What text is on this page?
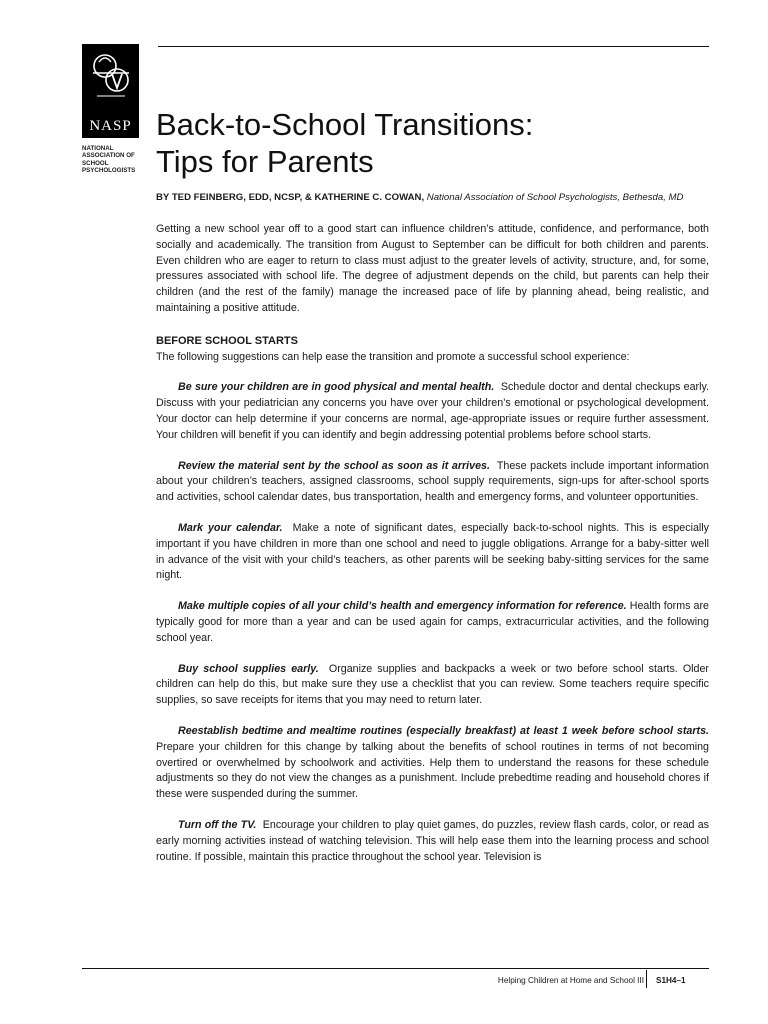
NASP
NATIONAL
ASSOCIATION OF
SCHOOL
PSYCHOLOGISTS
Back-to-School Transitions:
Tips for Parents
BY TED FEINBERG, EDD, NCSP, & KATHERINE C. COWAN, National Association of School Psychologists, Bethesda, MD

Getting a new school year off to a good start can influence children’s attitude, confidence, and performance, both socially and academically. The transition from August to September can be difficult for both children and parents. Even children who are eager to return to class must adjust to the greater levels of activity, structure, and, for some, pressures associated with school life. The degree of adjustment depends on the child, but parents can help their children (and the rest of the family) manage the increased pace of life by planning ahead, being realistic, and maintaining a positive attitude.

BEFORE SCHOOL STARTS

The following suggestions can help ease the transition and promote a successful school experience:

Be sure your children are in good physical and mental health. Schedule doctor and dental checkups early. Discuss with your pediatrician any concerns you have over your children’s emotional or psychological development. Your doctor can help determine if your concerns are normal, age-appropriate issues or require further assessment. Your children will benefit if you can identify and begin addressing potential problems before school starts.

Review the material sent by the school as soon as it arrives. These packets include important information about your children’s teachers, assigned classrooms, school supply requirements, sign-ups for after-school sports and activities, school calendar dates, bus transportation, health and emergency forms, and volunteer opportunities.

Mark your calendar. Make a note of significant dates, especially back-to-school nights. This is especially important if you have children in more than one school and need to juggle obligations. Arrange for a baby-sitter well in advance of the visit with your child’s teachers, as other parents will be seeking baby-sitting services for the same night.

Make multiple copies of all your child’s health and emergency information for reference. Health forms are typically good for more than a year and can be used again for camps, extracurricular activities, and the following school year.

Buy school supplies early. Organize supplies and backpacks a week or two before school starts. Older children can help do this, but make sure they use a checklist that you can review. Some teachers require specific supplies, so save receipts for items that you may need to return later.

Reestablish bedtime and mealtime routines (especially breakfast) at least 1 week before school starts. Prepare your children for this change by talking about the benefits of school routines in terms of not becoming overtired or overwhelmed by schoolwork and activities. Help them to understand the reasons for these schedule adjustments so they do not view the changes as a punishment. Include prebedtime reading and household chores if these were suspended during the summer.

Turn off the TV. Encourage your children to play quiet games, do puzzles, review flash cards, color, or read as early morning activities instead of watching television. This will help ease them into the learning process and school routine. If possible, maintain this practice throughout the school year. Television is

Helping Children at Home and School III S1H4–1
